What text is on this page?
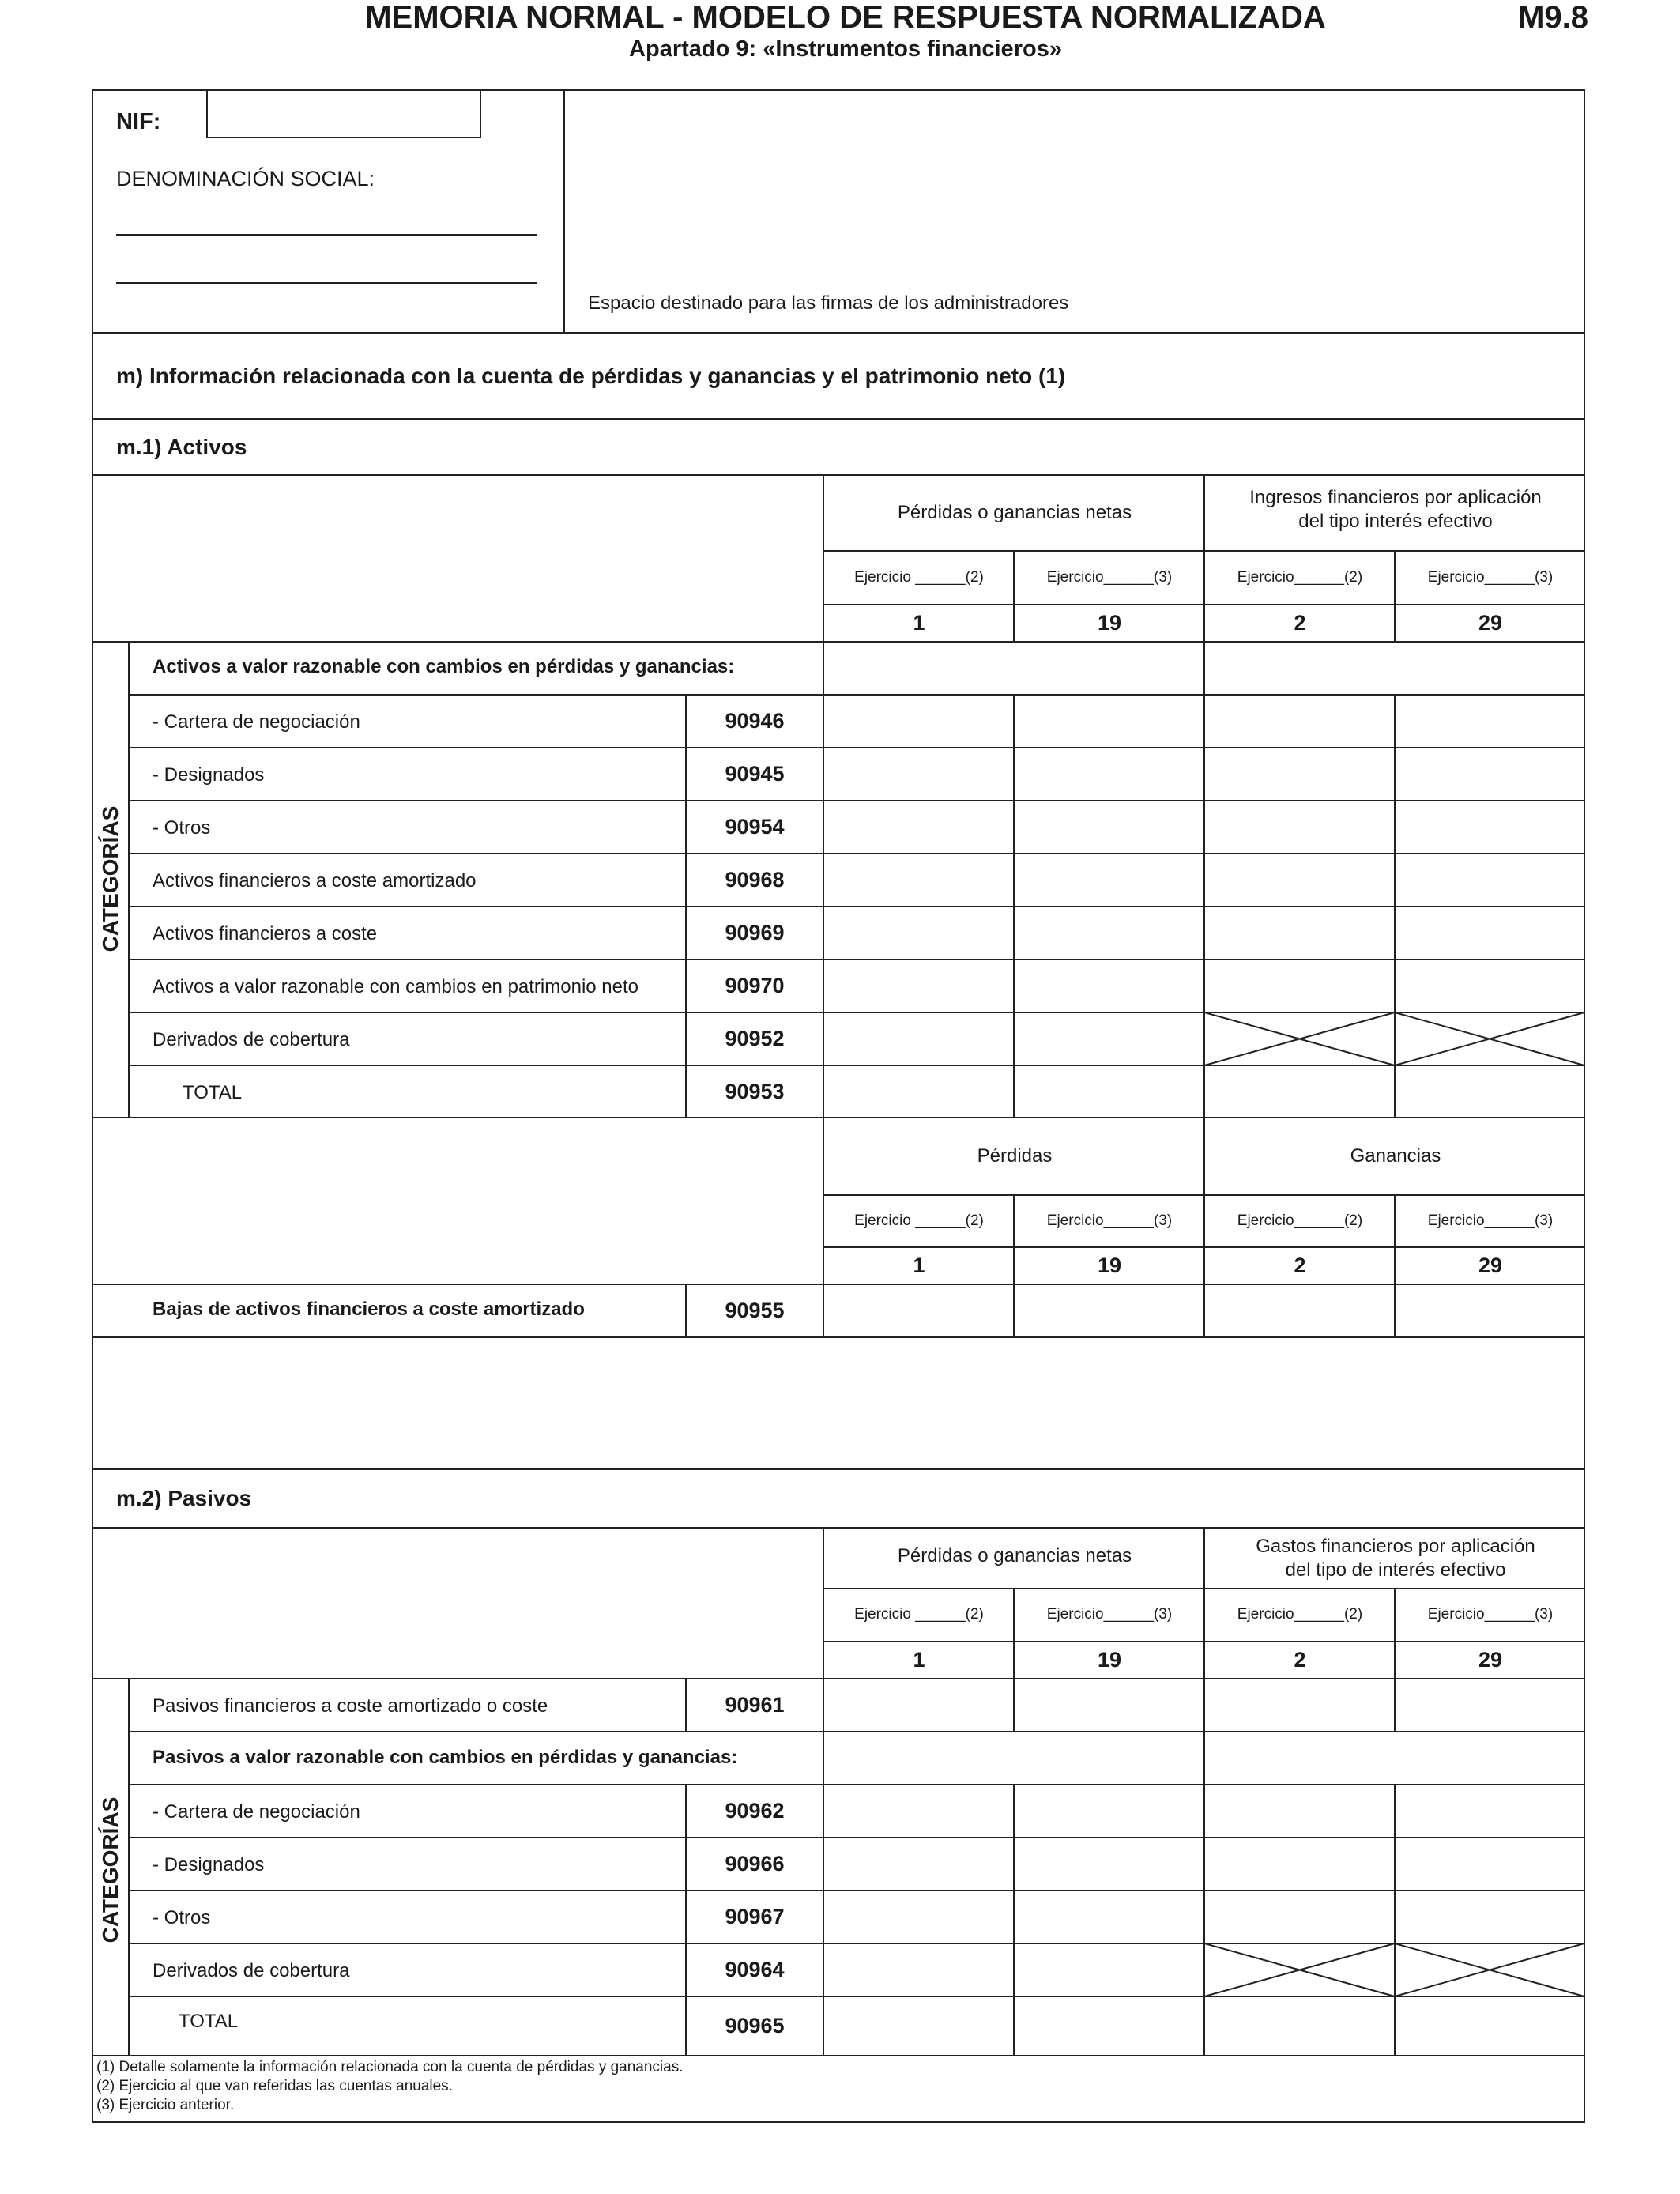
MEMORIA NORMAL - MODELO DE RESPUESTA NORMALIZADA
Apartado 9: «Instrumentos financieros»
M9.8
NIF:
DENOMINACIÓN SOCIAL:
Espacio destinado para las firmas de los administradores
m) Información relacionada con la cuenta de pérdidas y ganancias y el patrimonio neto (1)
m.1) Activos
Pérdidas o ganancias netas
Ingresos financieros por aplicación
del tipo interés efectivo
Ejercicio ______(2)	Ejercicio______(3)	Ejercicio______(2)	Ejercicio______(3)
1	19	2	29
CATEGORÍAS
Activos a valor razonable con cambios en pérdidas y ganancias:
- Cartera de negociación	90946
- Designados	90945
- Otros	90954
Activos financieros a coste amortizado	90968
Activos financieros a coste	90969
Activos a valor razonable con cambios en patrimonio neto	90970
Derivados de cobertura	90952
TOTAL	90953
Pérdidas	Ganancias
Ejercicio ______(2)	Ejercicio______(3)	Ejercicio______(2)	Ejercicio______(3)
1	19	2	29
Bajas de activos financieros a coste amortizado	90955
m.2) Pasivos
Pérdidas o ganancias netas	Gastos financieros por aplicación
del tipo de interés efectivo
Ejercicio ______(2)	Ejercicio______(3)	Ejercicio______(2)	Ejercicio______(3)
1	19	2	29
CATEGORÍAS
Pasivos financieros a coste amortizado o coste	90961
Pasivos a valor razonable con cambios en pérdidas y ganancias:
- Cartera de negociación	90962
- Designados	90966
- Otros	90967
Derivados de cobertura	90964
TOTAL	90965
(1) Detalle solamente la información relacionada con la cuenta de pérdidas y ganancias.
(2) Ejercicio al que van referidas las cuentas anuales.
(3) Ejercicio anterior.
